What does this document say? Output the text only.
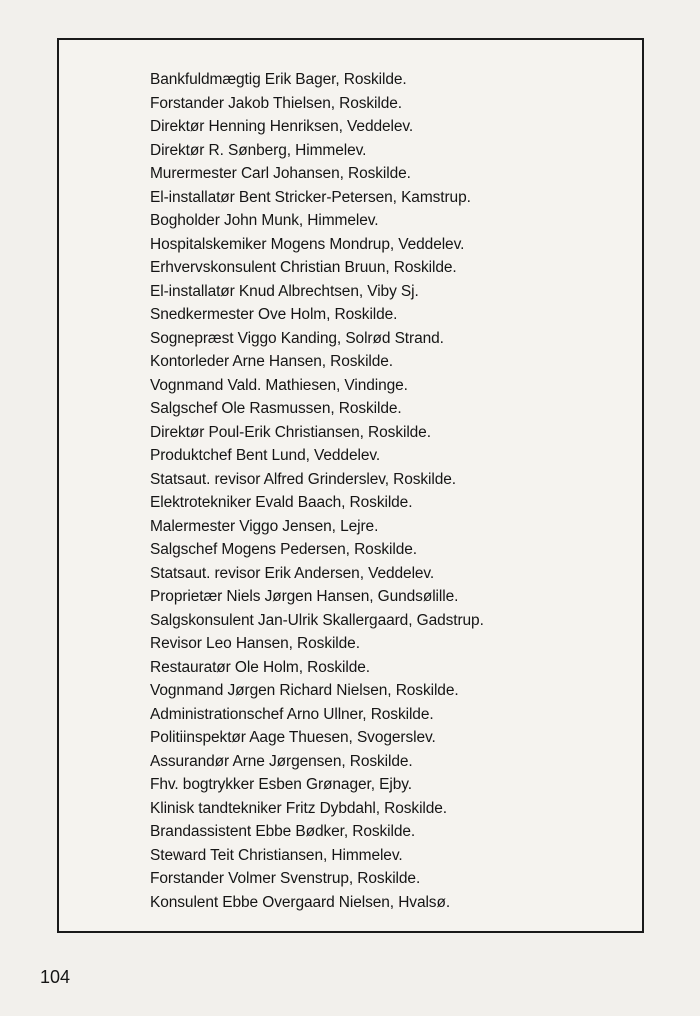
Bankfuldmægtig Erik Bager, Roskilde.
Forstander Jakob Thielsen, Roskilde.
Direktør Henning Henriksen, Veddelev.
Direktør R. Sønberg, Himmelev.
Murermester Carl Johansen, Roskilde.
El-installatør Bent Stricker-Petersen, Kamstrup.
Bogholder John Munk, Himmelev.
Hospitalskemiker Mogens Mondrup, Veddelev.
Erhvervskonsulent Christian Bruun, Roskilde.
El-installatør Knud Albrechtsen, Viby Sj.
Snedkermester Ove Holm, Roskilde.
Sognepræst Viggo Kanding, Solrød Strand.
Kontorleder Arne Hansen, Roskilde.
Vognmand Vald. Mathiesen, Vindinge.
Salgschef Ole Rasmussen, Roskilde.
Direktør Poul-Erik Christiansen, Roskilde.
Produktchef Bent Lund, Veddelev.
Statsaut. revisor Alfred Grinderslev, Roskilde.
Elektrotekniker Evald Baach, Roskilde.
Malermester Viggo Jensen, Lejre.
Salgschef Mogens Pedersen, Roskilde.
Statsaut. revisor Erik Andersen, Veddelev.
Proprietær Niels Jørgen Hansen, Gundsølille.
Salgskonsulent Jan-Ulrik Skallergaard, Gadstrup.
Revisor Leo Hansen, Roskilde.
Restauratør Ole Holm, Roskilde.
Vognmand Jørgen Richard Nielsen, Roskilde.
Administrationschef Arno Ullner, Roskilde.
Politiinspektør Aage Thuesen, Svogerslev.
Assurandør Arne Jørgensen, Roskilde.
Fhv. bogtrykker Esben Grønager, Ejby.
Klinisk tandtekniker Fritz Dybdahl, Roskilde.
Brandassistent Ebbe Bødker, Roskilde.
Steward Teit Christiansen, Himmelev.
Forstander Volmer Svenstrup, Roskilde.
Konsulent Ebbe Overgaard Nielsen, Hvalsø.
104
